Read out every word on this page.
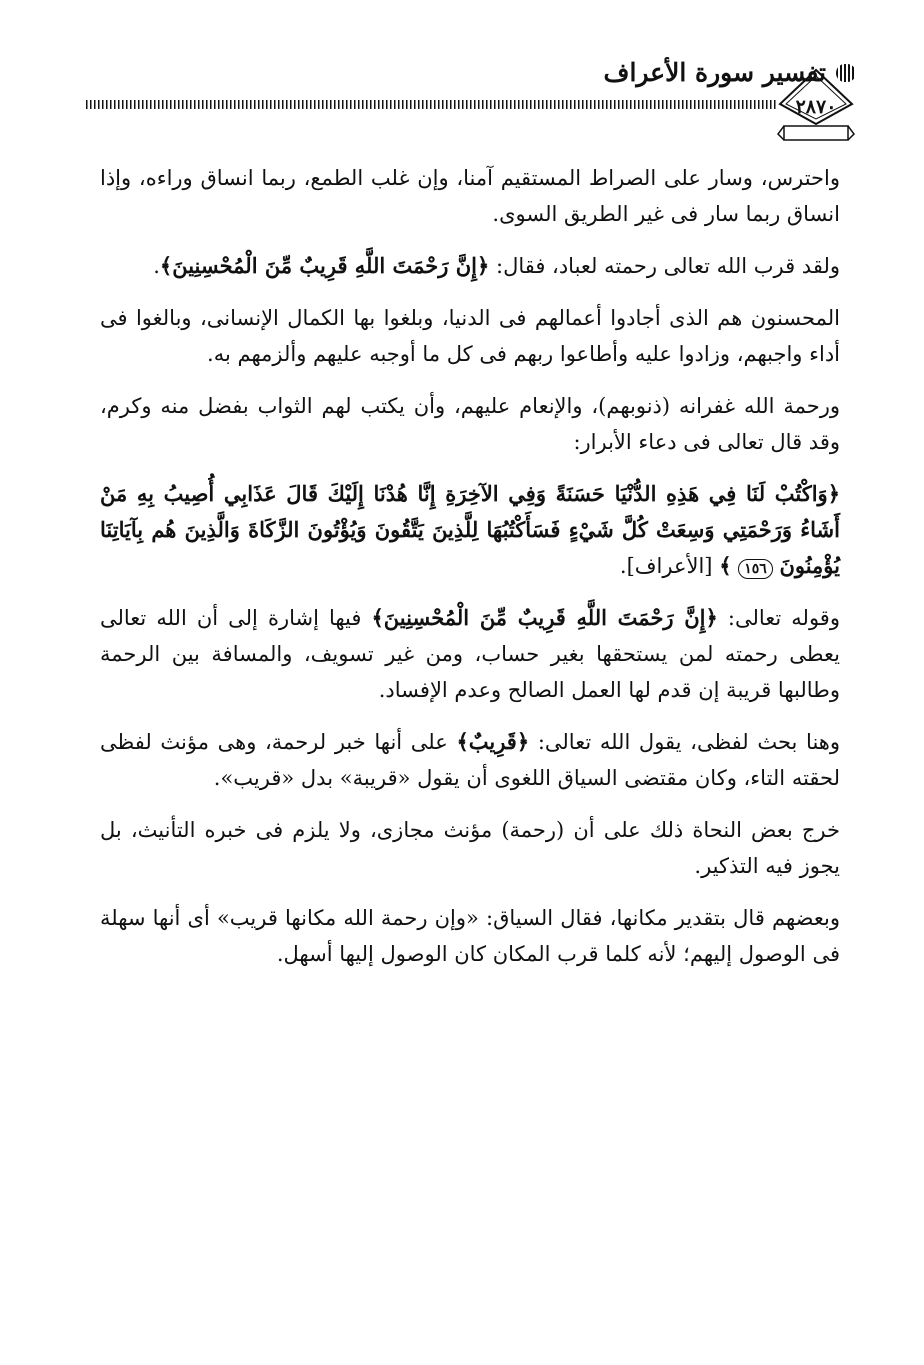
تفسير سورة الأعراف
٢٨٧٠

واحترس، وسار على الصراط المستقيم آمنا، وإن غلب الطمع، ربما انساق وراءه، وإذا انساق ربما سار فى غير الطريق السوى.

ولقد قرب الله تعالى رحمته لعباد، فقال: ﴿إِنَّ رَحْمَتَ اللَّهِ قَرِيبٌ مِّنَ الْمُحْسِنِينَ﴾.

المحسنون هم الذى أجادوا أعمالهم فى الدنيا، وبلغوا بها الكمال الإنسانى، وبالغوا فى أداء واجبهم، وزادوا عليه وأطاعوا ربهم فى كل ما أوجبه عليهم وألزمهم به.

ورحمة الله غفرانه (ذنوبهم)، والإنعام عليهم، وأن يكتب لهم الثواب بفضل منه وكرم، وقد قال تعالى فى دعاء الأبرار:

﴿وَاكْتُبْ لَنَا فِي هَذِهِ الدُّنْيَا حَسَنَةً وَفِي الآخِرَةِ إِنَّا هُدْنَا إِلَيْكَ قَالَ عَذَابِي أُصِيبُ بِهِ مَنْ أَشَاءُ وَرَحْمَتِي وَسِعَتْ كُلَّ شَيْءٍ فَسَأَكْتُبُهَا لِلَّذِينَ يَتَّقُونَ وَيُؤْتُونَ الزَّكَاةَ وَالَّذِينَ هُم بِآيَاتِنَا يُؤْمِنُونَ ١٥٦ ﴾ [الأعراف].

وقوله تعالى: ﴿إِنَّ رَحْمَتَ اللَّهِ قَرِيبٌ مِّنَ الْمُحْسِنِينَ﴾ فيها إشارة إلى أن الله تعالى يعطى رحمته لمن يستحقها بغير حساب، ومن غير تسويف، والمسافة بين الرحمة وطالبها قريبة إن قدم لها العمل الصالح وعدم الإفساد.

وهنا بحث لفظى، يقول الله تعالى: ﴿قَرِيبٌ﴾ على أنها خبر لرحمة، وهى مؤنث لفظى لحقته التاء، وكان مقتضى السياق اللغوى أن يقول «قريبة» بدل «قريب».

خرج بعض النحاة ذلك على أن (رحمة) مؤنث مجازى، ولا يلزم فى خبره التأنيث، بل يجوز فيه التذكير.

وبعضهم قال بتقدير مكانها، فقال السياق: «وإن رحمة الله مكانها قريب» أى أنها سهلة فى الوصول إليهم؛ لأنه كلما قرب المكان كان الوصول إليها أسهل.
